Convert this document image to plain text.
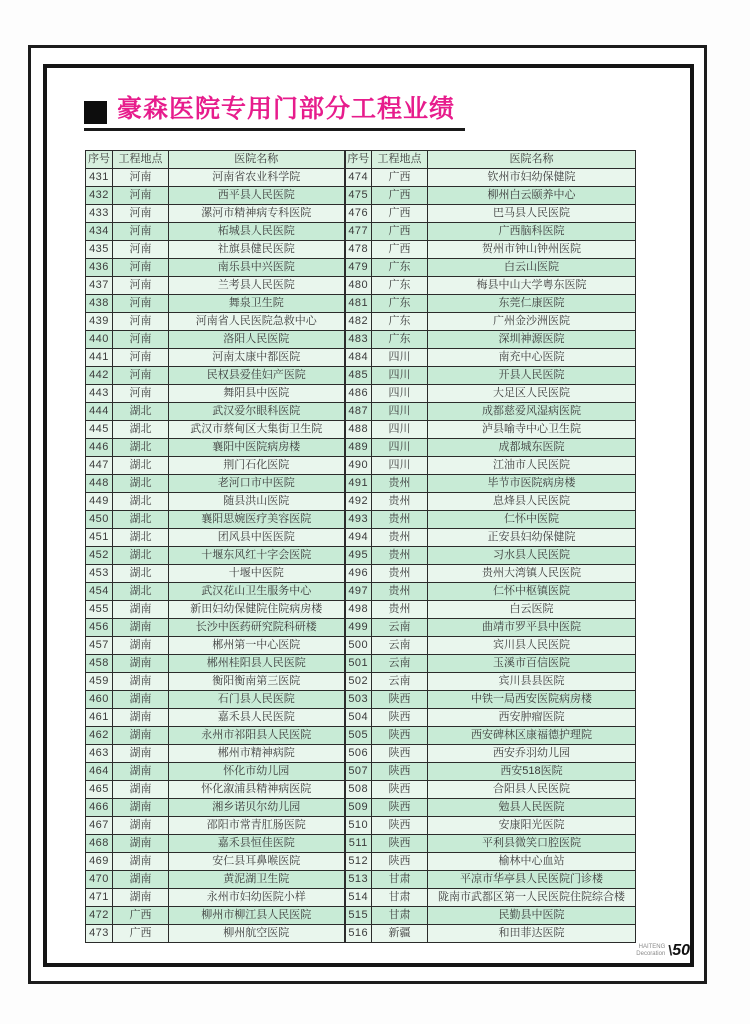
豪森医院专用门部分工程业绩
序号	工程地点	医院名称	序号	工程地点	医院名称
431	河南	河南省农业科学院	474	广西	钦州市妇幼保健院
432	河南	西平县人民医院	475	广西	柳州白云颐养中心
433	河南	漯河市精神病专科医院	476	广西	巴马县人民医院
434	河南	柘城县人民医院	477	广西	广西脑科医院
435	河南	社旗县健民医院	478	广西	贺州市钟山钟州医院
436	河南	南乐县中兴医院	479	广东	白云山医院
437	河南	兰考县人民医院	480	广东	梅县中山大学粤东医院
438	河南	舞泉卫生院	481	广东	东莞仁康医院
439	河南	河南省人民医院急救中心	482	广东	广州金沙洲医院
440	河南	洛阳人民医院	483	广东	深圳神源医院
441	河南	河南太康中都医院	484	四川	南充中心医院
442	河南	民权县爱佳妇产医院	485	四川	开县人民医院
443	河南	舞阳县中医院	486	四川	大足区人民医院
444	湖北	武汉爱尔眼科医院	487	四川	成都慈爱风湿病医院
445	湖北	武汉市蔡甸区大集街卫生院	488	四川	泸县喻寺中心卫生院
446	湖北	襄阳中医院病房楼	489	四川	成都城东医院
447	湖北	荆门石化医院	490	四川	江油市人民医院
448	湖北	老河口市中医院	491	贵州	毕节市医院病房楼
449	湖北	随县洪山医院	492	贵州	息烽县人民医院
450	湖北	襄阳思婉医疗美容医院	493	贵州	仁怀中医院
451	湖北	团风县中医医院	494	贵州	正安县妇幼保健院
452	湖北	十堰东风红十字会医院	495	贵州	习水县人民医院
453	湖北	十堰中医院	496	贵州	贵州大湾镇人民医院
454	湖北	武汉花山卫生服务中心	497	贵州	仁怀中枢镇医院
455	湖南	新田妇幼保健院住院病房楼	498	贵州	白云医院
456	湖南	长沙中医药研究院科研楼	499	云南	曲靖市罗平县中医院
457	湖南	郴州第一中心医院	500	云南	宾川县人民医院
458	湖南	郴州桂阳县人民医院	501	云南	玉溪市百信医院
459	湖南	衡阳衡南第三医院	502	云南	宾川县县医院
460	湖南	石门县人民医院	503	陕西	中铁一局西安医院病房楼
461	湖南	嘉禾县人民医院	504	陕西	西安肿瘤医院
462	湖南	永州市祁阳县人民医院	505	陕西	西安碑林区康福德护理院
463	湖南	郴州市精神病院	506	陕西	西安乔羽幼儿园
464	湖南	怀化市幼儿园	507	陕西	西安518医院
465	湖南	怀化溆浦县精神病医院	508	陕西	合阳县人民医院
466	湖南	湘乡诺贝尔幼儿园	509	陕西	勉县人民医院
467	湖南	邵阳市常青肛肠医院	510	陕西	安康阳光医院
468	湖南	嘉禾县恒佳医院	511	陕西	平利县微笑口腔医院
469	湖南	安仁县耳鼻喉医院	512	陕西	榆林中心血站
470	湖南	黄泥湖卫生院	513	甘肃	平凉市华亭县人民医院门诊楼
471	湖南	永州市妇幼医院小样	514	甘肃	陇南市武都区第一人民医院住院综合楼
472	广西	柳州市柳江县人民医院	515	甘肃	民勤县中医院
473	广西	柳州航空医院	516	新疆	和田菲达医院
HAITENG
Decoration \ 50
